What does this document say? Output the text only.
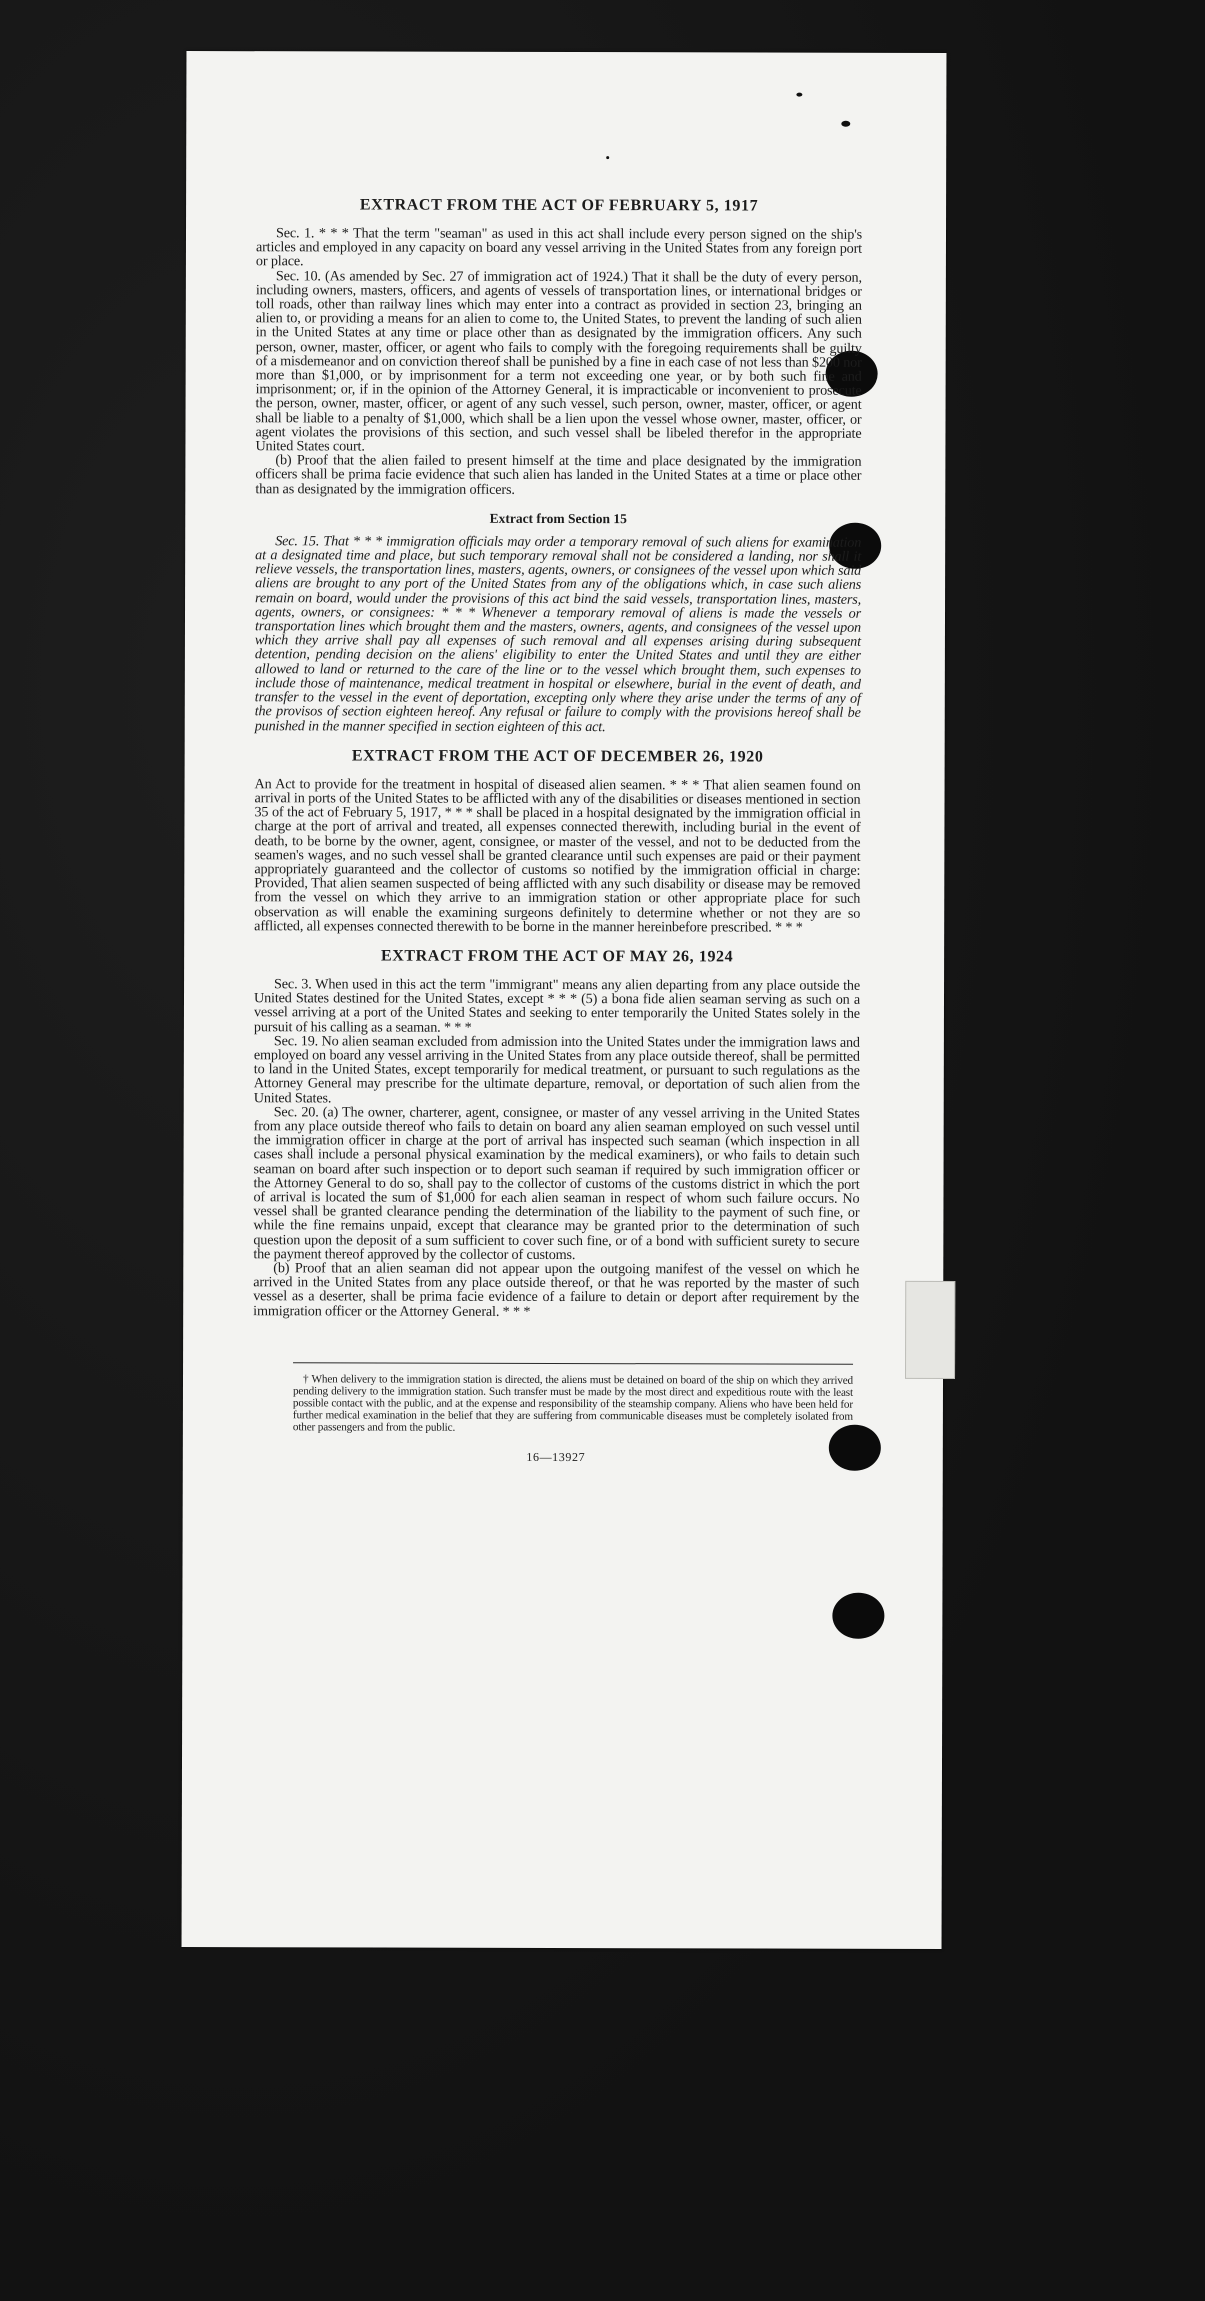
EXTRACT FROM THE ACT OF FEBRUARY 5, 1917

Sec. 1. * * * That the term "seaman" as used in this act shall include every person signed on the ship's articles and employed in any capacity on board any vessel arriving in the United States from any foreign port or place.

Sec. 10. (As amended by Sec. 27 of immigration act of 1924.) That it shall be the duty of every person, including owners, masters, officers, and agents of vessels of transportation lines, or international bridges or toll roads, other than railway lines which may enter into a contract as provided in section 23, bringing an alien to, or providing a means for an alien to come to, the United States, to prevent the landing of such alien in the United States at any time or place other than as designated by the immigration officers. Any such person, owner, master, officer, or agent who fails to comply with the foregoing requirements shall be guilty of a misdemeanor and on conviction thereof shall be punished by a fine in each case of not less than $200 nor more than $1,000, or by imprisonment for a term not exceeding one year, or by both such fine and imprisonment; or, if in the opinion of the Attorney General, it is impracticable or inconvenient to prosecute the person, owner, master, officer, or agent of any such vessel, such person, owner, master, officer, or agent shall be liable to a penalty of $1,000, which shall be a lien upon the vessel whose owner, master, officer, or agent violates the provisions of this section, and such vessel shall be libeled therefor in the appropriate United States court.

(b) Proof that the alien failed to present himself at the time and place designated by the immigration officers shall be prima facie evidence that such alien has landed in the United States at a time or place other than as designated by the immigration officers.

Extract from Section 15

Sec. 15. That * * * immigration officials may order a temporary removal of such aliens for examination at a designated time and place, but such temporary removal shall not be considered a landing, nor shall it relieve vessels, the transportation lines, masters, agents, owners, or consignees of the vessel upon which said aliens are brought to any port of the United States from any of the obligations which, in case such aliens remain on board, would under the provisions of this act bind the said vessels, transportation lines, masters, agents, owners, or consignees: * * * Whenever a temporary removal of aliens is made the vessels or transportation lines which brought them and the masters, owners, agents, and consignees of the vessel upon which they arrive shall pay all expenses of such removal and all expenses arising during subsequent detention, pending decision on the aliens' eligibility to enter the United States and until they are either allowed to land or returned to the care of the line or to the vessel which brought them, such expenses to include those of maintenance, medical treatment in hospital or elsewhere, burial in the event of death, and transfer to the vessel in the event of deportation, excepting only where they arise under the terms of any of the provisos of section eighteen hereof. Any refusal or failure to comply with the provisions hereof shall be punished in the manner specified in section eighteen of this act.

EXTRACT FROM THE ACT OF DECEMBER 26, 1920

An Act to provide for the treatment in hospital of diseased alien seamen. * * * That alien seamen found on arrival in ports of the United States to be afflicted with any of the disabilities or diseases mentioned in section 35 of the act of February 5, 1917, * * * shall be placed in a hospital designated by the immigration official in charge at the port of arrival and treated, all expenses connected therewith, including burial in the event of death, to be borne by the owner, agent, consignee, or master of the vessel, and not to be deducted from the seamen's wages, and no such vessel shall be granted clearance until such expenses are paid or their payment appropriately guaranteed and the collector of customs so notified by the immigration official in charge: Provided, That alien seamen suspected of being afflicted with any such disability or disease may be removed from the vessel on which they arrive to an immigration station or other appropriate place for such observation as will enable the examining surgeons definitely to determine whether or not they are so afflicted, all expenses connected therewith to be borne in the manner hereinbefore prescribed. * * *

EXTRACT FROM THE ACT OF MAY 26, 1924

Sec. 3. When used in this act the term "immigrant" means any alien departing from any place outside the United States destined for the United States, except * * * (5) a bona fide alien seaman serving as such on a vessel arriving at a port of the United States and seeking to enter temporarily the United States solely in the pursuit of his calling as a seaman. * * *

Sec. 19. No alien seaman excluded from admission into the United States under the immigration laws and employed on board any vessel arriving in the United States from any place outside thereof, shall be permitted to land in the United States, except temporarily for medical treatment, or pursuant to such regulations as the Attorney General may prescribe for the ultimate departure, removal, or deportation of such alien from the United States.

Sec. 20. (a) The owner, charterer, agent, consignee, or master of any vessel arriving in the United States from any place outside thereof who fails to detain on board any alien seaman employed on such vessel until the immigration officer in charge at the port of arrival has inspected such seaman (which inspection in all cases shall include a personal physical examination by the medical examiners), or who fails to detain such seaman on board after such inspection or to deport such seaman if required by such immigration officer or the Attorney General to do so, shall pay to the collector of customs of the customs district in which the port of arrival is located the sum of $1,000 for each alien seaman in respect of whom such failure occurs. No vessel shall be granted clearance pending the determination of the liability to the payment of such fine, or while the fine remains unpaid, except that clearance may be granted prior to the determination of such question upon the deposit of a sum sufficient to cover such fine, or of a bond with sufficient surety to secure the payment thereof approved by the collector of customs.

(b) Proof that an alien seaman did not appear upon the outgoing manifest of the vessel on which he arrived in the United States from any place outside thereof, or that he was reported by the master of such vessel as a deserter, shall be prima facie evidence of a failure to detain or deport after requirement by the immigration officer or the Attorney General. * * *

† When delivery to the immigration station is directed, the aliens must be detained on board of the ship on which they arrived pending delivery to the immigration station. Such transfer must be made by the most direct and expeditious route with the least possible contact with the public, and at the expense and responsibility of the steamship company. Aliens who have been held for further medical examination in the belief that they are suffering from communicable diseases must be completely isolated from other passengers and from the public.

16—13927
